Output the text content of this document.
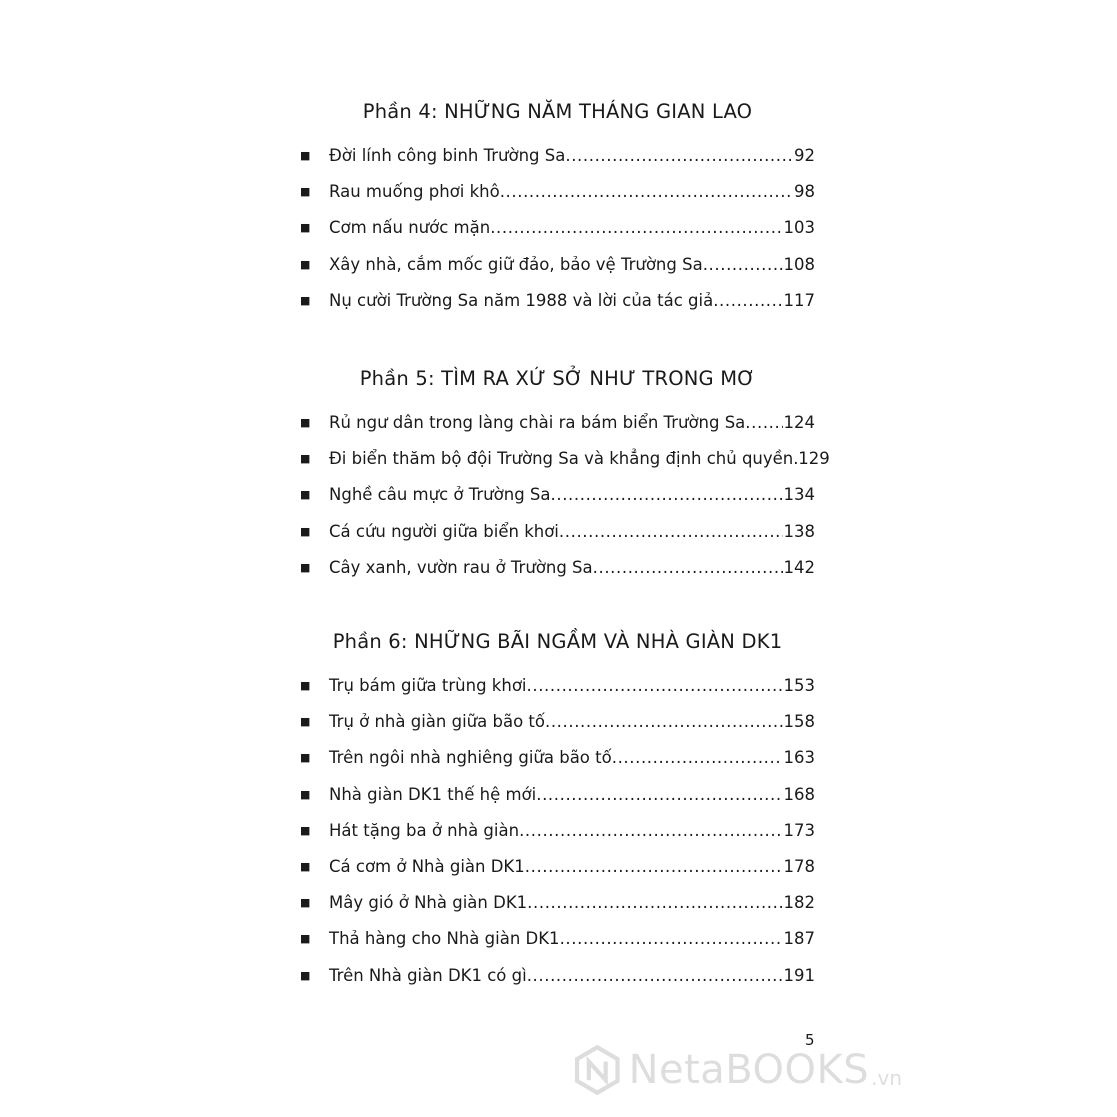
Phần 4: NHỮNG NĂM THÁNG GIAN LAO
■	Đời lính công binh Trường Sa .....	92
■	Rau muống phơi khô .....	98
■	Cơm nấu nước mặn .....	103
■	Xây nhà, cắm mốc giữ đảo, bảo vệ Trường Sa .....	108
■	Nụ cười Trường Sa năm 1988 và lời của tác giả .....	117
Phần 5: TÌM RA XỨ SỞ NHƯ TRONG MƠ
■	Rủ ngư dân trong làng chài ra bám biển Trường Sa ..... 124
■	Đi biển thăm bộ đội Trường Sa và khẳng định chủ quyền ..... 129
■	Nghề câu mực ở Trường Sa .....	134
■	Cá cứu người giữa biển khơi .....	138
■	Cây xanh, vườn rau ở Trường Sa .....	142
Phần 6: NHỮNG BÃI NGẦM VÀ NHÀ GIÀN DK1
■	Trụ bám giữa trùng khơi .....	153
■	Trụ ở nhà giàn giữa bão tố .....	158
■	Trên ngôi nhà nghiêng giữa bão tố .....	163
■	Nhà giàn DK1 thế hệ mới .....	168
■	Hát tặng ba ở nhà giàn .....	173
■	Cá cơm ở Nhà giàn DK1 .....	178
■	Mây gió ở Nhà giàn DK1 .....	182
■	Thả hàng cho Nhà giàn DK1 .....	187
■	Trên Nhà giàn DK1 có gì .....	191
5
NetaBOOKS .vn
